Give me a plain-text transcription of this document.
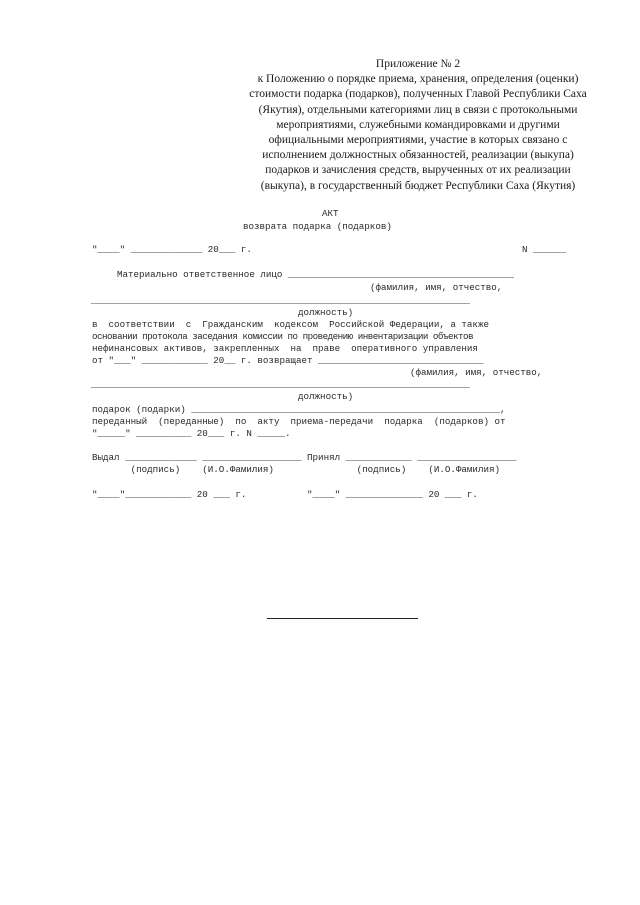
Приложение № 2
к Положению о порядке приема, хранения, определения (оценки)
стоимости подарка (подарков), полученных Главой Республики Саха
(Якутия), отдельными категориями лиц в связи с протокольными
мероприятиями, служебными командировками и другими
официальными мероприятиями, участие в которых связано с
исполнением должностных обязанностей, реализации (выкупа)
подарков и зачисления средств, вырученных от их реализации
(выкупа), в государственный бюджет Республики Саха (Якутия)
АКТ
возврата подарка (подарков)
"____" _____________ 20___ г.	N ______
Материально ответственное лицо _________________________________________
(фамилия, имя, отчество,
_____________________________________________________________________________
должность)
в  соответствии  с  Гражданским  кодексом  Российской Федерации, а также
основании протокола заседания комиссии по проведению инвентаризации объектов
нефинансовых активов, закрепленных  на  праве  оперативного управления
от "___" ____________ 20__ г. возвращает ______________________________
(фамилия, имя, отчество,
_____________________________________________________________________________
должность)
подарок (подарки) ________________________________________________________,
переданный  (переданные)  по  акту  приема-передачи  подарка  (подарков) от
"_____" __________ 20___ г. N _____.
Выдал _____________ __________________ Принял ____________ __________________
(подпись)    (И.О.Фамилия)               (подпись)    (И.О.Фамилия)
"____"____________ 20 ___ г.           "____" ______________ 20 ___ г.
